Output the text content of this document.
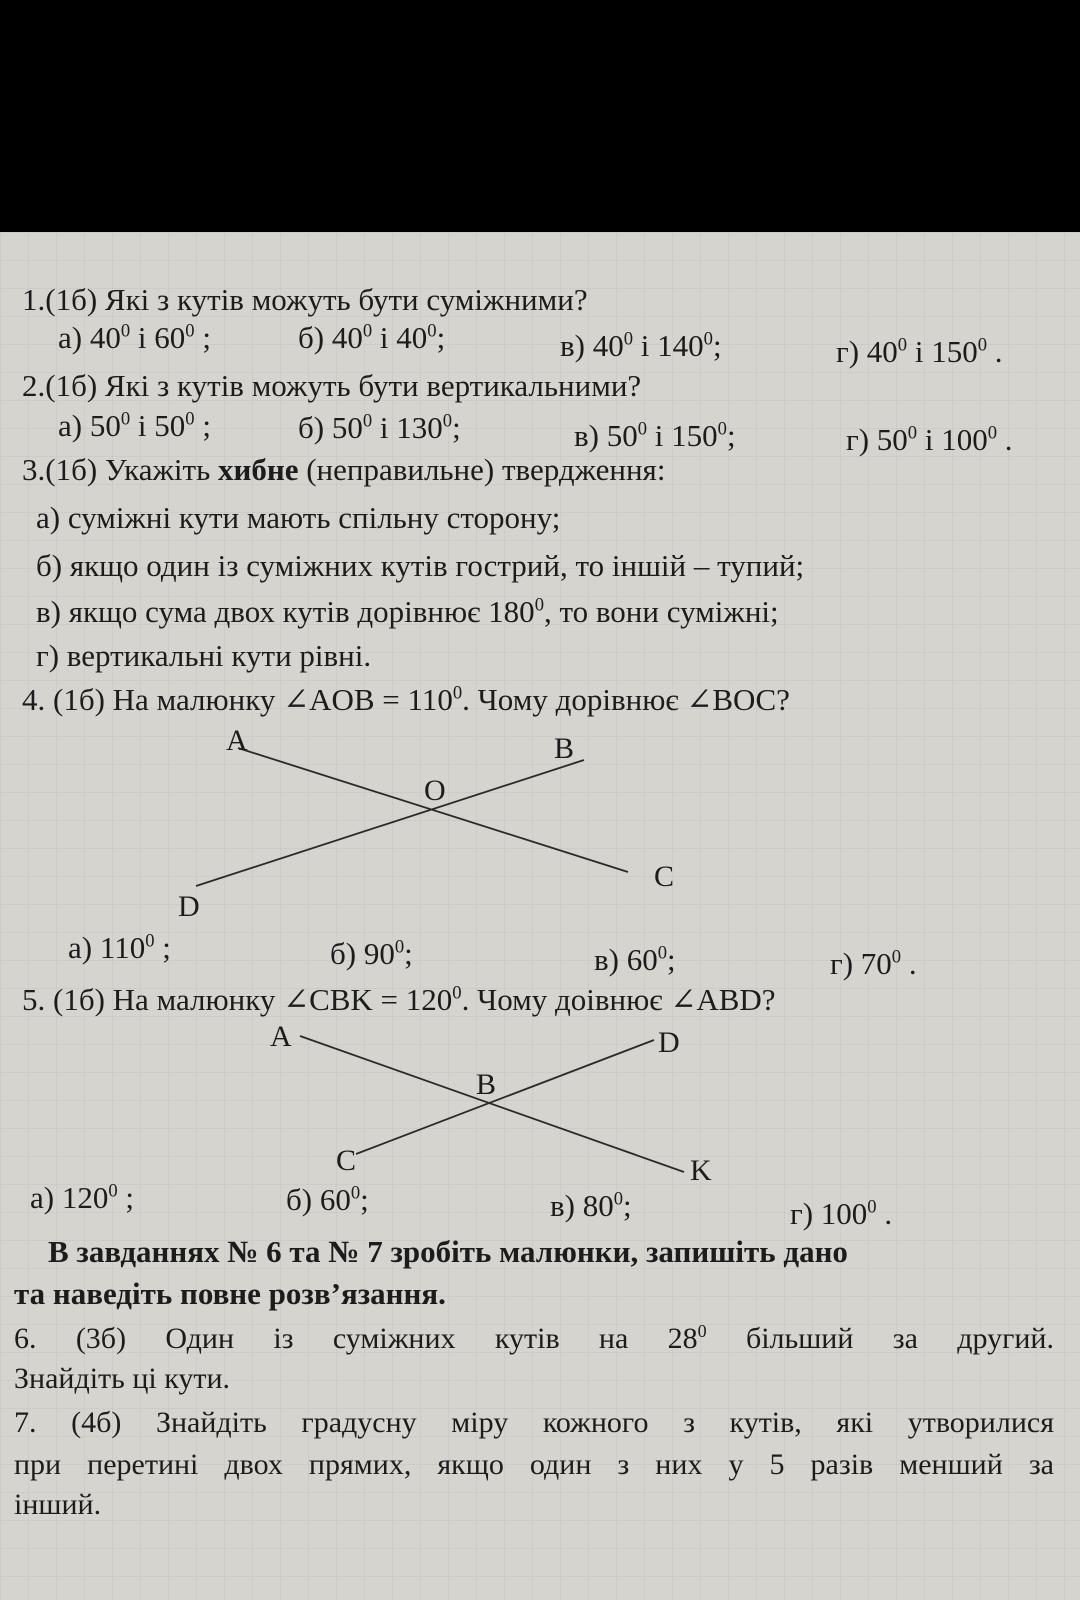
1.(1б) Які з кутів можуть бути суміжними?
а) $40^0$ і $60^0$ ;	б) $40^0$ і $40^0$;	в) $40^0$ і $140^0$;	г) $40^0$ і $150^0$ .
2.(1б) Які з кутів можуть бути вертикальними?
а) $50^0$ і $50^0$ ;	б) $50^0$ і $130^0$;	в) $50^0$ і $150^0$;	г) $50^0$ і $100^0$ .
3.(1б) Укажіть хибне (неправильне) твердження:
а) суміжні кути мають спільну сторону;
б) якщо один із суміжних кутів гострий, то іншій – тупий;
в) якщо сума двох кутів дорівнює $180^0$, то вони суміжні;
г) вертикальні кути рівні.
4. (1б) На малюнку ∠AOB = $110^0$. Чому дорівнює ∠BOC?
A	B
O
C
D
A	D
B
C	K
а) $110^0$ ;	б) $90^0$;	в) $60^0$;	г) $70^0$ .
5. (1б) На малюнку ∠CBK = $120^0$. Чому доівнює ∠ABD?
а) $120^0$ ;	б) $60^0$;	в) $80^0$;	г) $100^0$ .
В завданнях № 6 та № 7 зробіть малюнки, запишіть дано
та наведіть повне розв’язання.
6. (3б) Один із суміжних кутів на $28^0$ більший за другий.
Знайдіть ці кути.
7. (4б) Знайдіть градусну міру кожного з кутів, які утворилися
при перетині двох прямих, якщо один з них у 5 разів менший за
інший.
